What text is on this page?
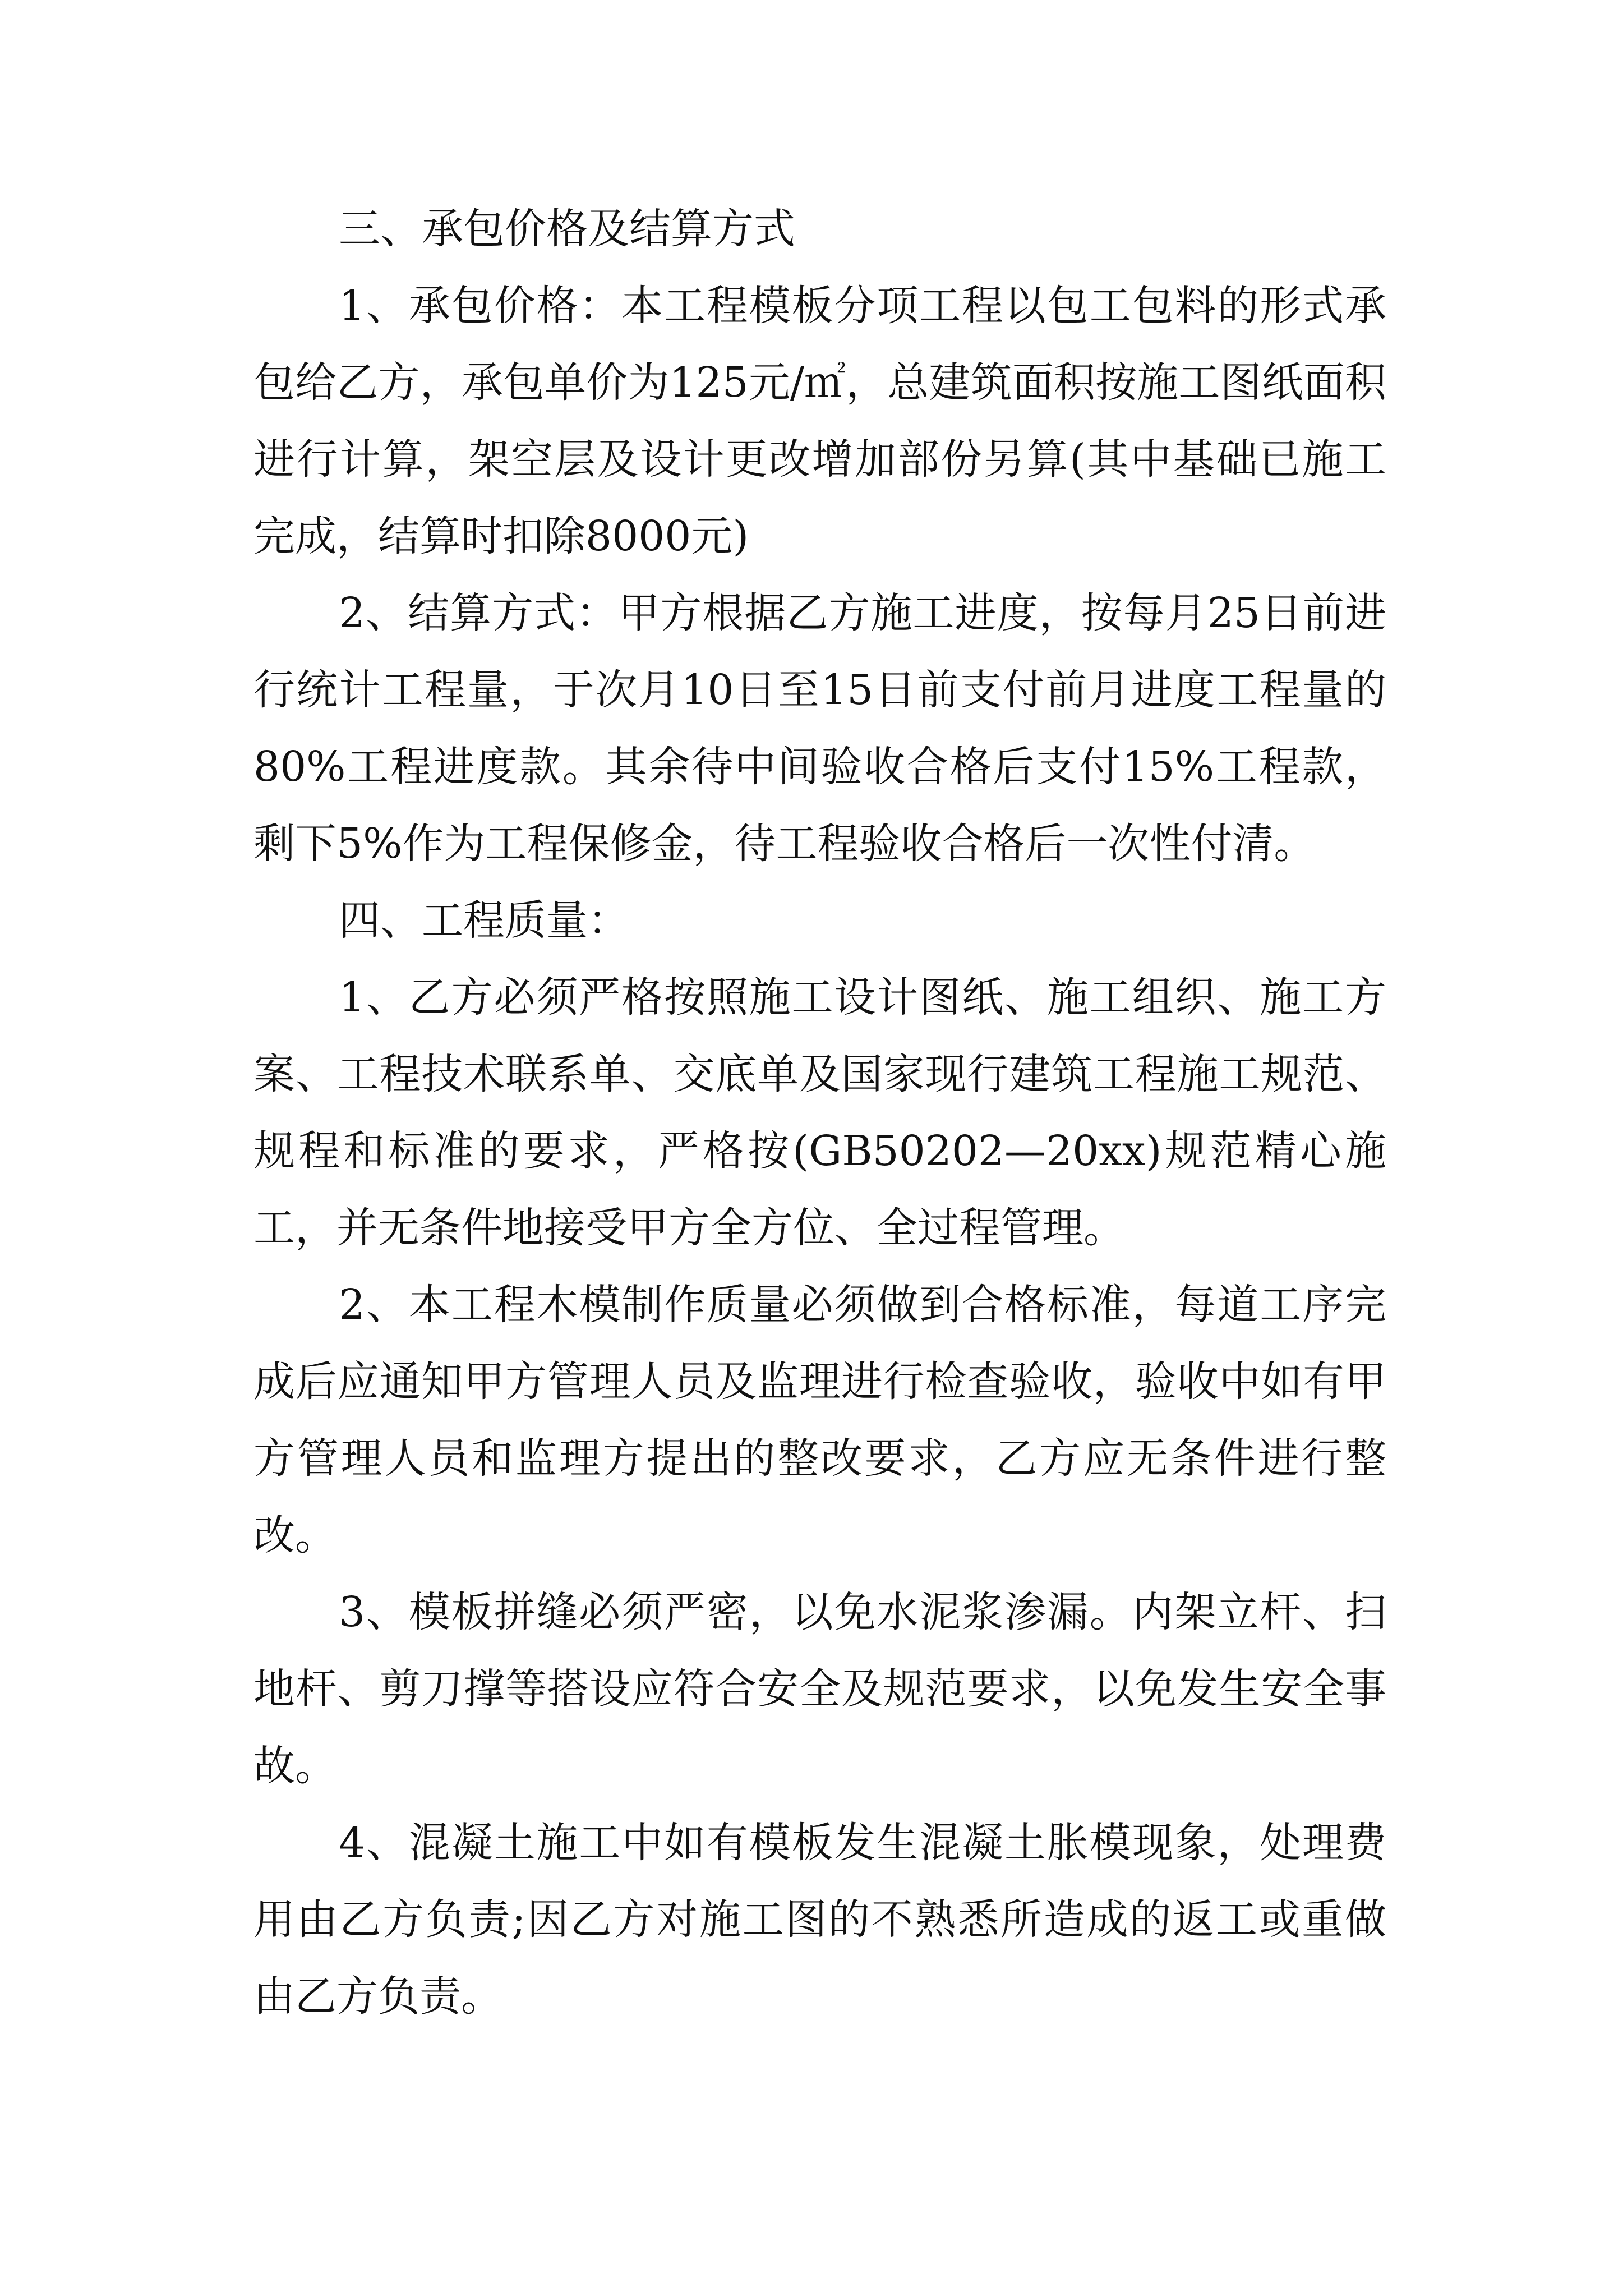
三、承包价格及结算方式

1、承包价格：本工程模板分项工程以包工包料的形式承包给乙方，承包单价为125元/㎡，总建筑面积按施工图纸面积进行计算，架空层及设计更改增加部份另算(其中基础已施工完成，结算时扣除8000元)

2、结算方式：甲方根据乙方施工进度，按每月25日前进行统计工程量，于次月10日至15日前支付前月进度工程量的80%工程进度款。其余待中间验收合格后支付15%工程款，剩下5%作为工程保修金，待工程验收合格后一次性付清。

四、工程质量：

1、乙方必须严格按照施工设计图纸、施工组织、施工方案、工程技术联系单、交底单及国家现行建筑工程施工规范、规程和标准的要求，严格按(GB50202—20xx)规范精心施工，并无条件地接受甲方全方位、全过程管理。

2、本工程木模制作质量必须做到合格标准，每道工序完成后应通知甲方管理人员及监理进行检查验收，验收中如有甲方管理人员和监理方提出的整改要求，乙方应无条件进行整改。

3、模板拼缝必须严密，以免水泥浆渗漏。内架立杆、扫地杆、剪刀撑等搭设应符合安全及规范要求，以免发生安全事故。

4、混凝土施工中如有模板发生混凝土胀模现象，处理费用由乙方负责;因乙方对施工图的不熟悉所造成的返工或重做由乙方负责。
